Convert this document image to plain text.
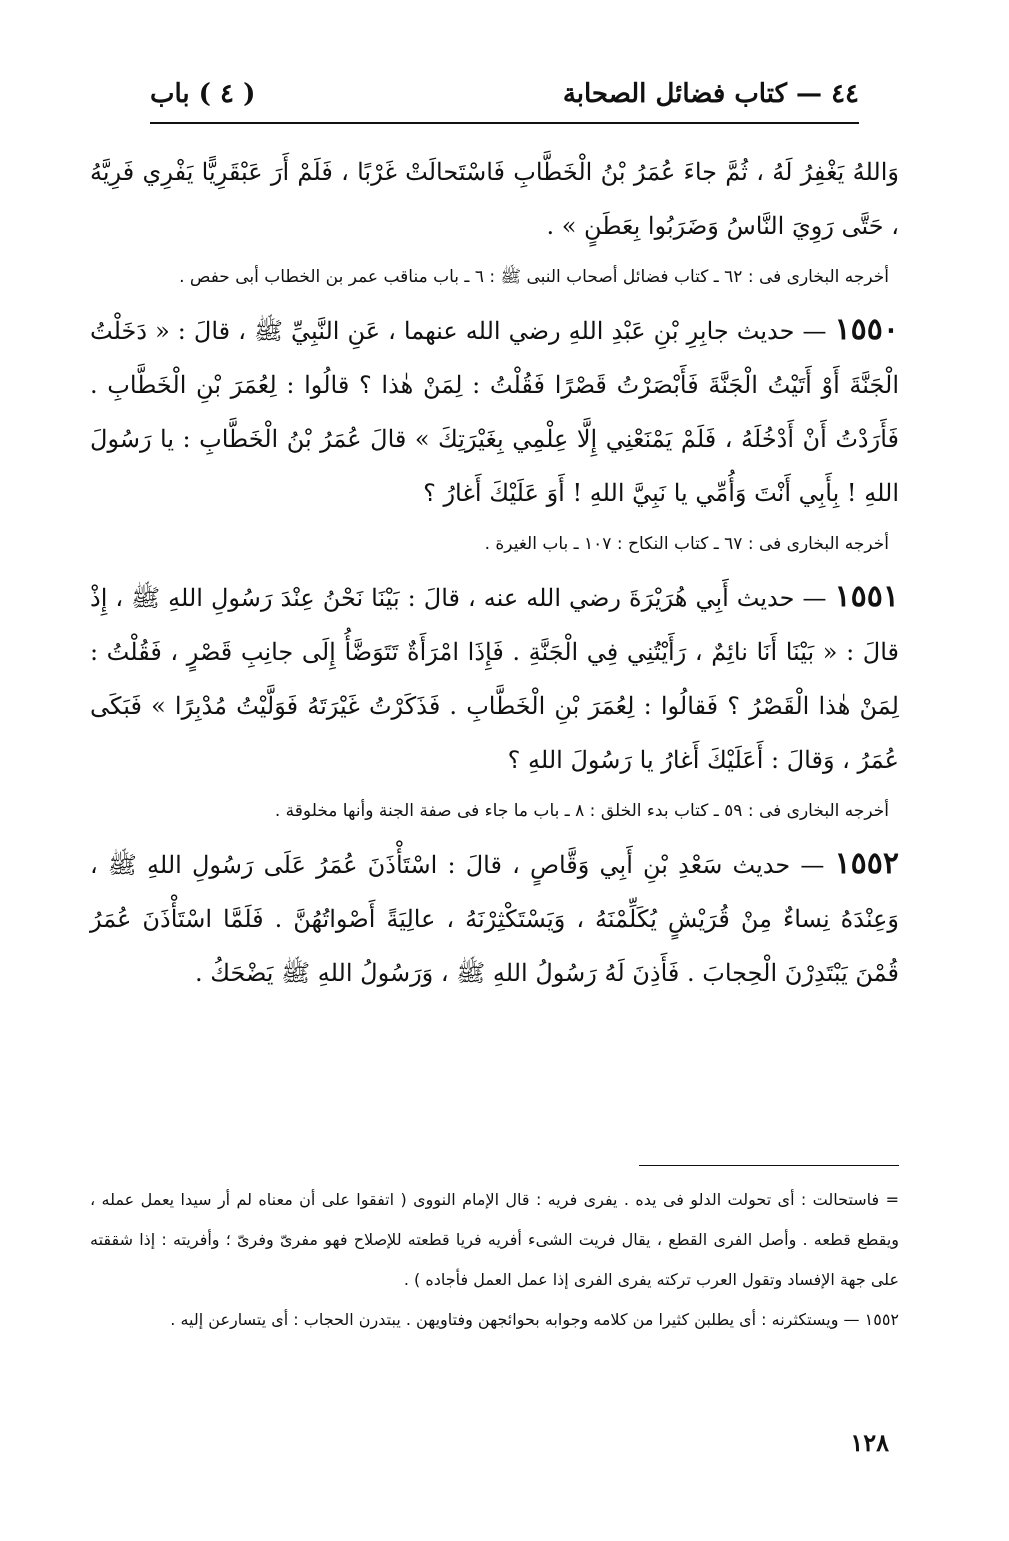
٤٤ — كتاب فضائل الصحابة
( ٤ ) باب

وَاللهُ يَغْفِرُ لَهُ ، ثُمَّ جاءَ عُمَرُ بْنُ الْخَطَّابِ فَاسْتَحالَتْ غَرْبًا ، فَلَمْ أَرَ عَبْقَرِيًّا يَفْرِي فَرِيَّهُ ، حَتَّى رَوِيَ النَّاسُ وَضَرَبُوا بِعَطَنٍ » .

أخرجه البخارى فى : ٦٢ ـ كتاب فضائل أصحاب النبى ﷺ : ٦ ـ باب مناقب عمر بن الخطاب أبى حفص .

١٥٥٠ — حديث جابِرِ بْنِ عَبْدِ اللهِ رضي الله عنهما ، عَنِ النَّبِيِّ ﷺ ، قالَ : « دَخَلْتُ الْجَنَّةَ أَوْ أَتَيْتُ الْجَنَّةَ فَأَبْصَرْتُ قَصْرًا فَقُلْتُ : لِمَنْ هٰذا ؟ قالُوا : لِعُمَرَ بْنِ الْخَطَّابِ . فَأَرَدْتُ أَنْ أَدْخُلَهُ ، فَلَمْ يَمْنَعْنِي إِلَّا عِلْمِي بِغَيْرَتِكَ » قالَ عُمَرُ بْنُ الْخَطَّابِ : يا رَسُولَ اللهِ ! بِأَبِي أَنْتَ وَأُمِّي يا نَبِيَّ اللهِ ! أَوَ عَلَيْكَ أَغارُ ؟

أخرجه البخارى فى : ٦٧ ـ كتاب النكاح : ١٠٧ ـ باب الغيرة .

١٥٥١ — حديث أَبِي هُرَيْرَةَ رضي الله عنه ، قالَ : بَيْنَا نَحْنُ عِنْدَ رَسُولِ اللهِ ﷺ ، إِذْ قالَ : « بَيْنَا أَنَا نائِمٌ ، رَأَيْتُنِي فِي الْجَنَّةِ . فَإِذَا امْرَأَةٌ تَتَوَضَّأُ إِلَى جانِبِ قَصْرٍ ، فَقُلْتُ : لِمَنْ هٰذا الْقَصْرُ ؟ فَقالُوا : لِعُمَرَ بْنِ الْخَطَّابِ . فَذَكَرْتُ غَيْرَتَهُ فَوَلَّيْتُ مُدْبِرًا » فَبَكَى عُمَرُ ، وَقالَ : أَعَلَيْكَ أَغارُ يا رَسُولَ اللهِ ؟

أخرجه البخارى فى : ٥٩ ـ كتاب بدء الخلق : ٨ ـ باب ما جاء فى صفة الجنة وأنها مخلوقة .

١٥٥٢ — حديث سَعْدِ بْنِ أَبِي وَقَّاصٍ ، قالَ : اسْتَأْذَنَ عُمَرُ عَلَى رَسُولِ اللهِ ﷺ ، وَعِنْدَهُ نِساءٌ مِنْ قُرَيْشٍ يُكَلِّمْنَهُ ، وَيَسْتَكْثِرْنَهُ ، عالِيَةً أَصْواتُهُنَّ . فَلَمَّا اسْتَأْذَنَ عُمَرُ قُمْنَ يَبْتَدِرْنَ الْحِجابَ . فَأَذِنَ لَهُ رَسُولُ اللهِ ﷺ ، وَرَسُولُ اللهِ ﷺ يَضْحَكُ .

= فاستحالت : أى تحولت الدلو فى يده . يفرى فريه : قال الإمام النووى ( اتفقوا على أن معناه لم أر سيدا يعمل عمله ، ويقطع قطعه . وأصل الفرى القطع ، يقال فريت الشىء أفريه فريا قطعته للإصلاح فهو مفرىّ وفرىّ ؛ وأفريته : إذا شققته على جهة الإفساد وتقول العرب تركته يفرى الفرى إذا عمل العمل فأجاده ) .

١٥٥٢ — ويستكثرنه : أى يطلبن كثيرا من كلامه وجوابه بحوائجهن وفتاويهن . يبتدرن الحجاب : أى يتسارعن إليه .

١٢٨
